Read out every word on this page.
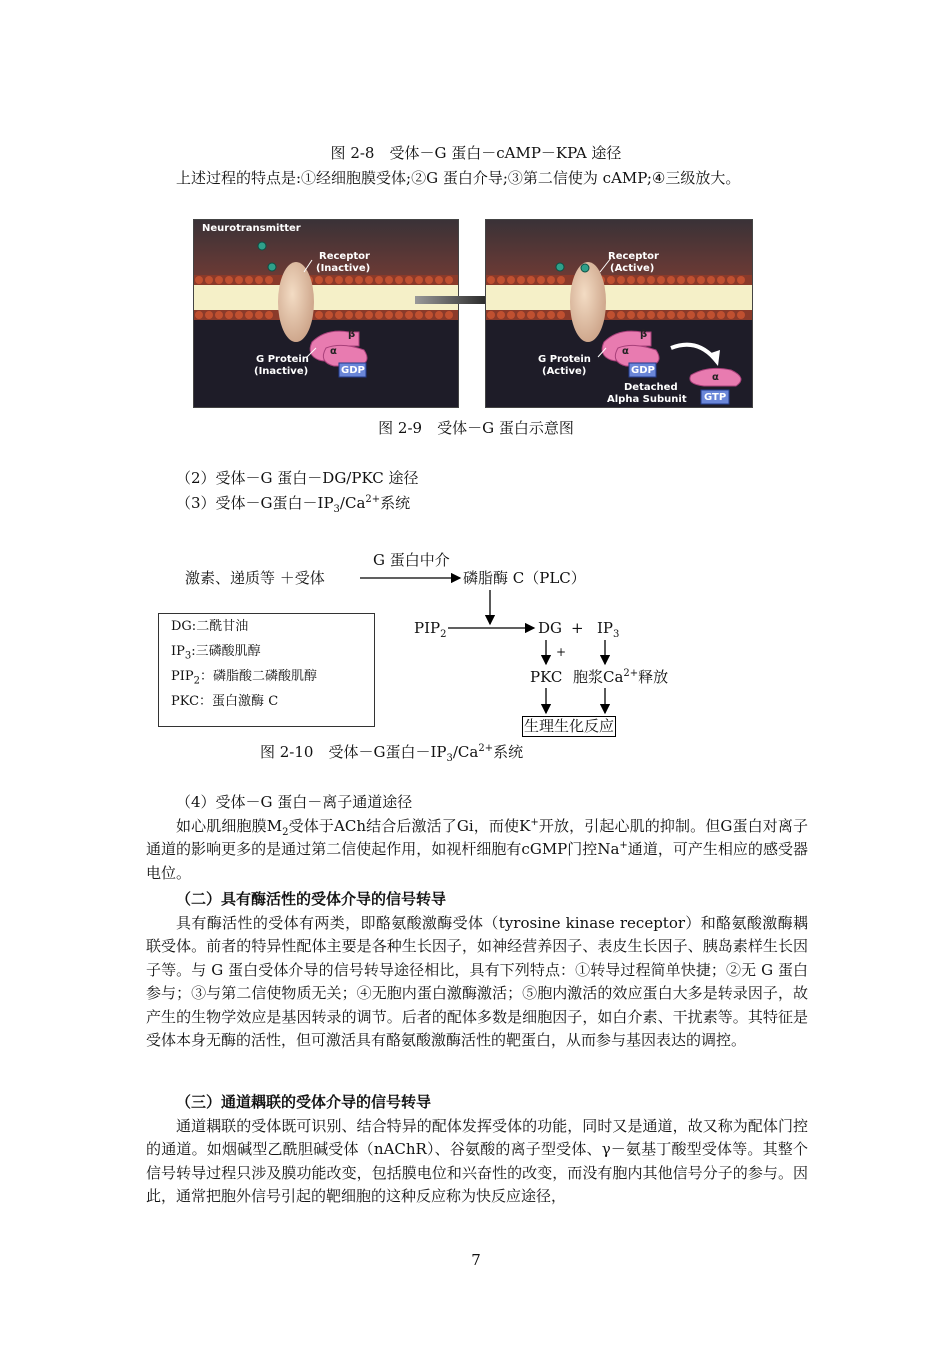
图 2-8　受体－G 蛋白－cAMP－KPA 途径
上述过程的特点是:①经细胞膜受体;②G 蛋白介导;③第二信使为 cAMP;④三级放大。
Neurotransmitter
Receptor
(Inactive)
β
α
G Protein
(Inactive)	GDP
Receptor
(Active)
β
α
G Protein
(Active)	GDP
Detached
Alpha Subunit
α
GTP
图 2-9　受体－G 蛋白示意图
（2）受体－G 蛋白－DG/PKC 途径
（3）受体－G蛋白$-IP_3/Ca^{2+}$系统
G 蛋白中介
激素、递质等 ＋受体	磷脂酶 C（PLC）
$PIP_2$	DG + $IP_3$
+
PKC 胞浆$Ca^{2+}$释放
生理生化反应
DG:二酰甘油
$IP_3$:三磷酸肌醇
$PIP_2$：磷脂酸二磷酸肌醇
PKC：蛋白激酶 C
图 2-10　受体－G蛋白$-IP_3/Ca^{2+}$系统
（4）受体－G 蛋白－离子通道途径
如心肌细胞膜$M_2$受体于ACh结合后激活了Gi，而使K+开放，引起心肌的抑制。但G蛋白对离子通道的影响更多的是通过第二信使起作用，如视杆细胞有cGMP门控Na+通道，可产生相应的感受器电位。
（二）具有酶活性的受体介导的信号转导
具有酶活性的受体有两类，即酪氨酸激酶受体（tyrosine kinase receptor）和酪氨酸激酶耦联受体。前者的特异性配体主要是各种生长因子，如神经营养因子、表皮生长因子、胰岛素样生长因子等。与 G 蛋白受体介导的信号转导途径相比，具有下列特点：①转导过程简单快捷；②无 G 蛋白参与；③与第二信使物质无关；④无胞内蛋白激酶激活；⑤胞内激活的效应蛋白大多是转录因子，故产生的生物学效应是基因转录的调节。后者的配体多数是细胞因子，如白介素、干扰素等。其特征是受体本身无酶的活性，但可激活具有酪氨酸激酶活性的靶蛋白，从而参与基因表达的调控。
（三）通道耦联的受体介导的信号转导
通道耦联的受体既可识别、结合特异的配体发挥受体的功能，同时又是通道，故又称为配体门控的通道。如烟碱型乙酰胆碱受体（nAChR）、谷氨酸的离子型受体、γ－氨基丁酸型受体等。其整个信号转导过程只涉及膜功能改变，包括膜电位和兴奋性的改变，而没有胞内其他信号分子的参与。因此，通常把胞外信号引起的靶细胞的这种反应称为快反应途径，
7
